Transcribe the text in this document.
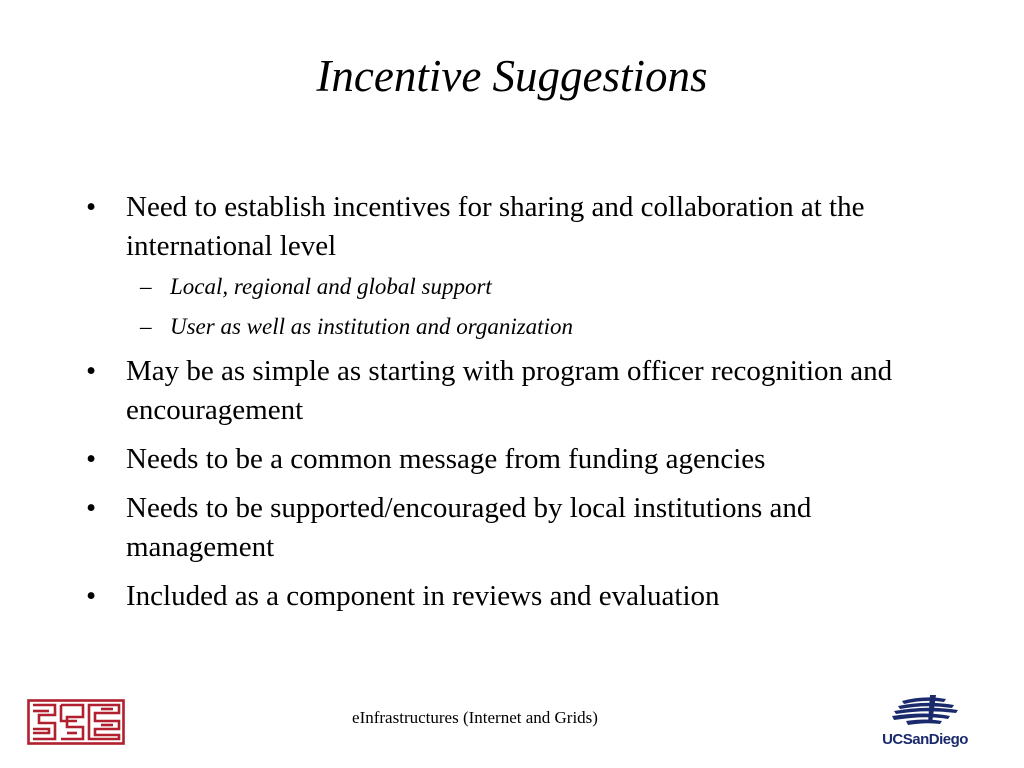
Incentive Suggestions
• Need to establish incentives for sharing and collaboration at the international level
– Local, regional and global support
– User as well as institution and organization
• May be as simple as starting with program officer recognition and encouragement
• Needs to be a common message from funding agencies
• Needs to be supported/encouraged by local institutions and management
• Included as a component in reviews and evaluation
eInfrastructures (Internet and Grids)
UCSanDiego
